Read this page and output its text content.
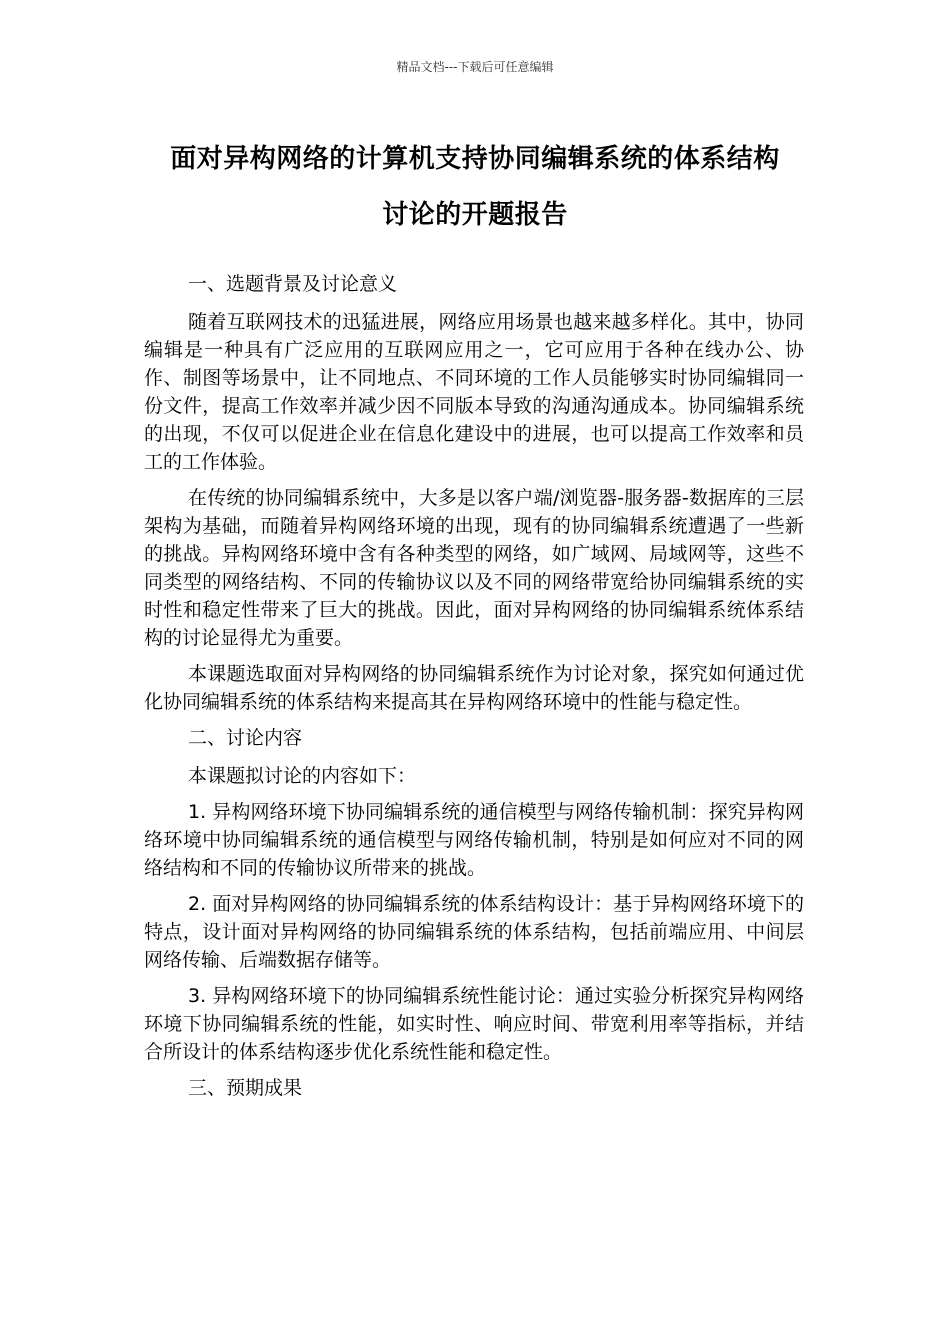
精品文档---下载后可任意编辑
面对异构网络的计算机支持协同编辑系统的体系结构
讨论的开题报告

一、选题背景及讨论意义

随着互联网技术的迅猛进展，网络应用场景也越来越多样化。其中，协同编辑是一种具有广泛应用的互联网应用之一，它可应用于各种在线办公、协作、制图等场景中，让不同地点、不同环境的工作人员能够实时协同编辑同一份文件，提高工作效率并减少因不同版本导致的沟通沟通成本。协同编辑系统的出现，不仅可以促进企业在信息化建设中的进展，也可以提高工作效率和员工的工作体验。

在传统的协同编辑系统中，大多是以客户端/浏览器-服务器-数据库的三层架构为基础，而随着异构网络环境的出现，现有的协同编辑系统遭遇了一些新的挑战。异构网络环境中含有各种类型的网络，如广域网、局域网等，这些不同类型的网络结构、不同的传输协议以及不同的网络带宽给协同编辑系统的实时性和稳定性带来了巨大的挑战。因此，面对异构网络的协同编辑系统体系结构的讨论显得尤为重要。

本课题选取面对异构网络的协同编辑系统作为讨论对象，探究如何通过优化协同编辑系统的体系结构来提高其在异构网络环境中的性能与稳定性。

二、讨论内容

本课题拟讨论的内容如下：

1. 异构网络环境下协同编辑系统的通信模型与网络传输机制：探究异构网络环境中协同编辑系统的通信模型与网络传输机制，特别是如何应对不同的网络结构和不同的传输协议所带来的挑战。

2. 面对异构网络的协同编辑系统的体系结构设计：基于异构网络环境下的特点，设计面对异构网络的协同编辑系统的体系结构，包括前端应用、中间层网络传输、后端数据存储等。

3. 异构网络环境下的协同编辑系统性能讨论：通过实验分析探究异构网络环境下协同编辑系统的性能，如实时性、响应时间、带宽利用率等指标，并结合所设计的体系结构逐步优化系统性能和稳定性。

三、预期成果
